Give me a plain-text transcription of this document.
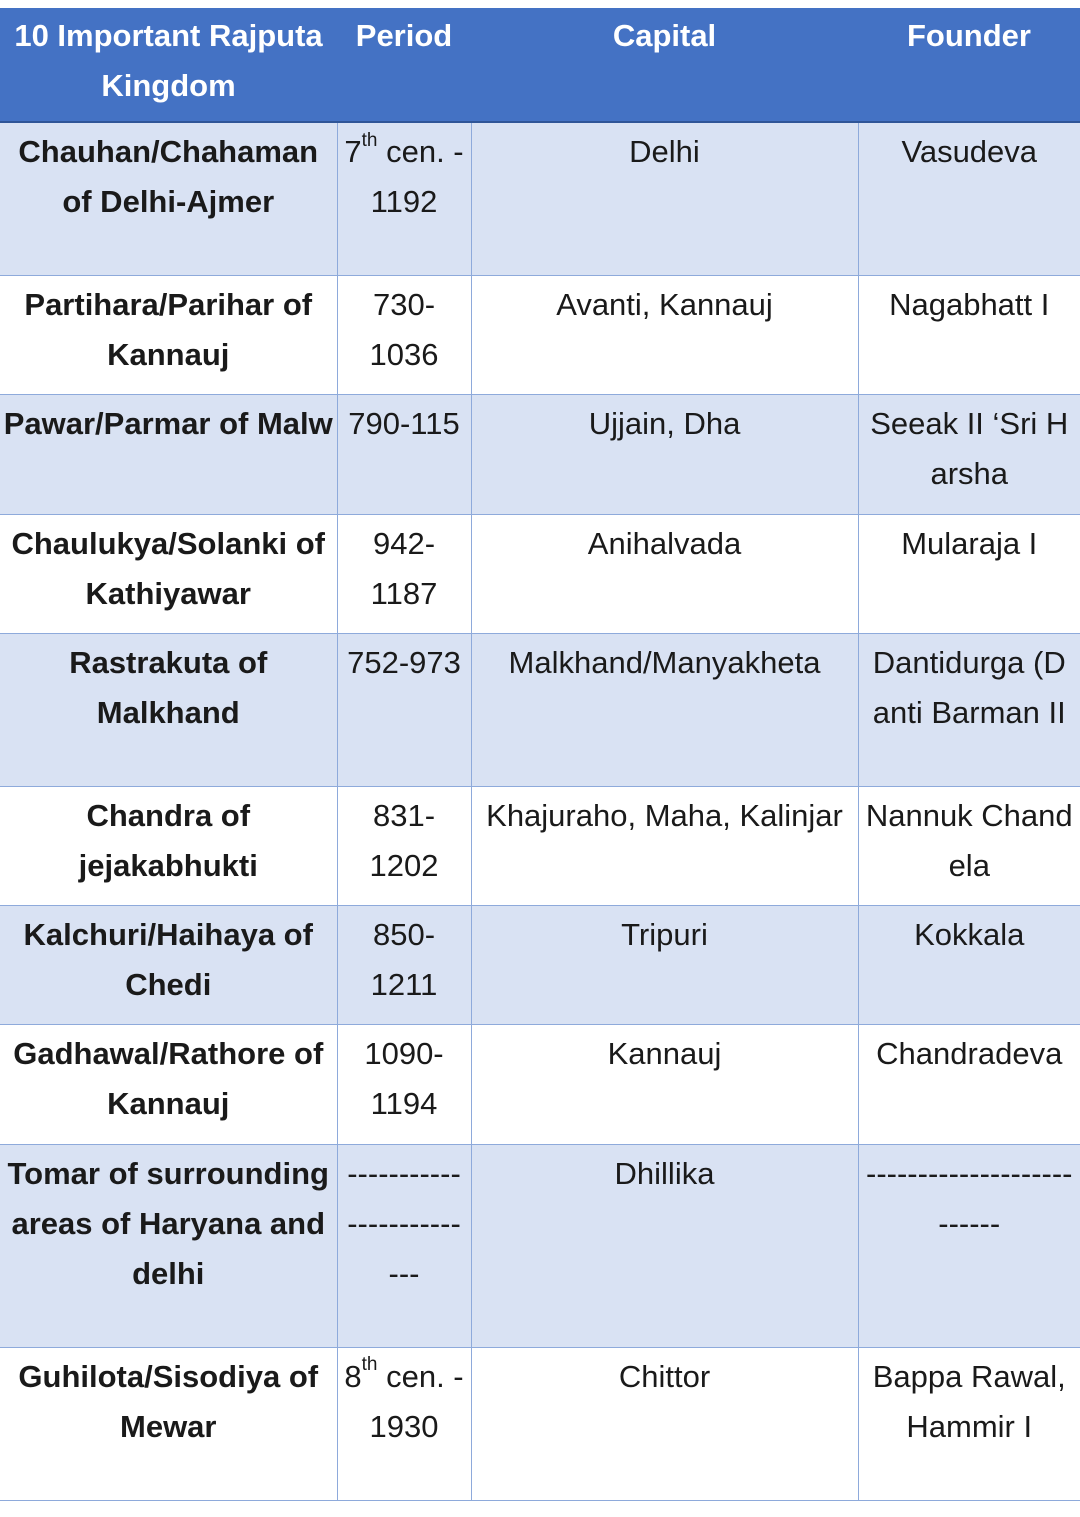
10 Important Rajputa Kingdom	Period	Capital	Founder
Chauhan/Chahaman of Delhi-Ajmer	7th cen. - 1192	Delhi	Vasudeva
Partihara/Parihar of Kannauj	730-1036	Avanti, Kannauj	Nagabhatt I
Pawar/Parmar of Malw	790-115	Ujjain, Dha	Seeak II ‘Sri Harsha
Chaulukya/Solanki of Kathiyawar	942-1187	Anihalvada	Mularaja I
Rastrakuta of Malkhand	752-973	Malkhand/Manyakheta	Dantidurga (Danti Barman II
Chandra of jejakabhukti	831-1202	Khajuraho, Maha, Kalinjar	Nannuk Chandela
Kalchuri/Haihaya of Chedi	850-1211	Tripuri	Kokkala
Gadhawal/Rathore of Kannauj	1090-1194	Kannauj	Chandradeva
Tomar of surrounding areas of Haryana and delhi	-------------------------	Dhillika	--------------------------
Guhilota/Sisodiya of Mewar	8th cen. - 1930	Chittor	Bappa Rawal, Hammir I
